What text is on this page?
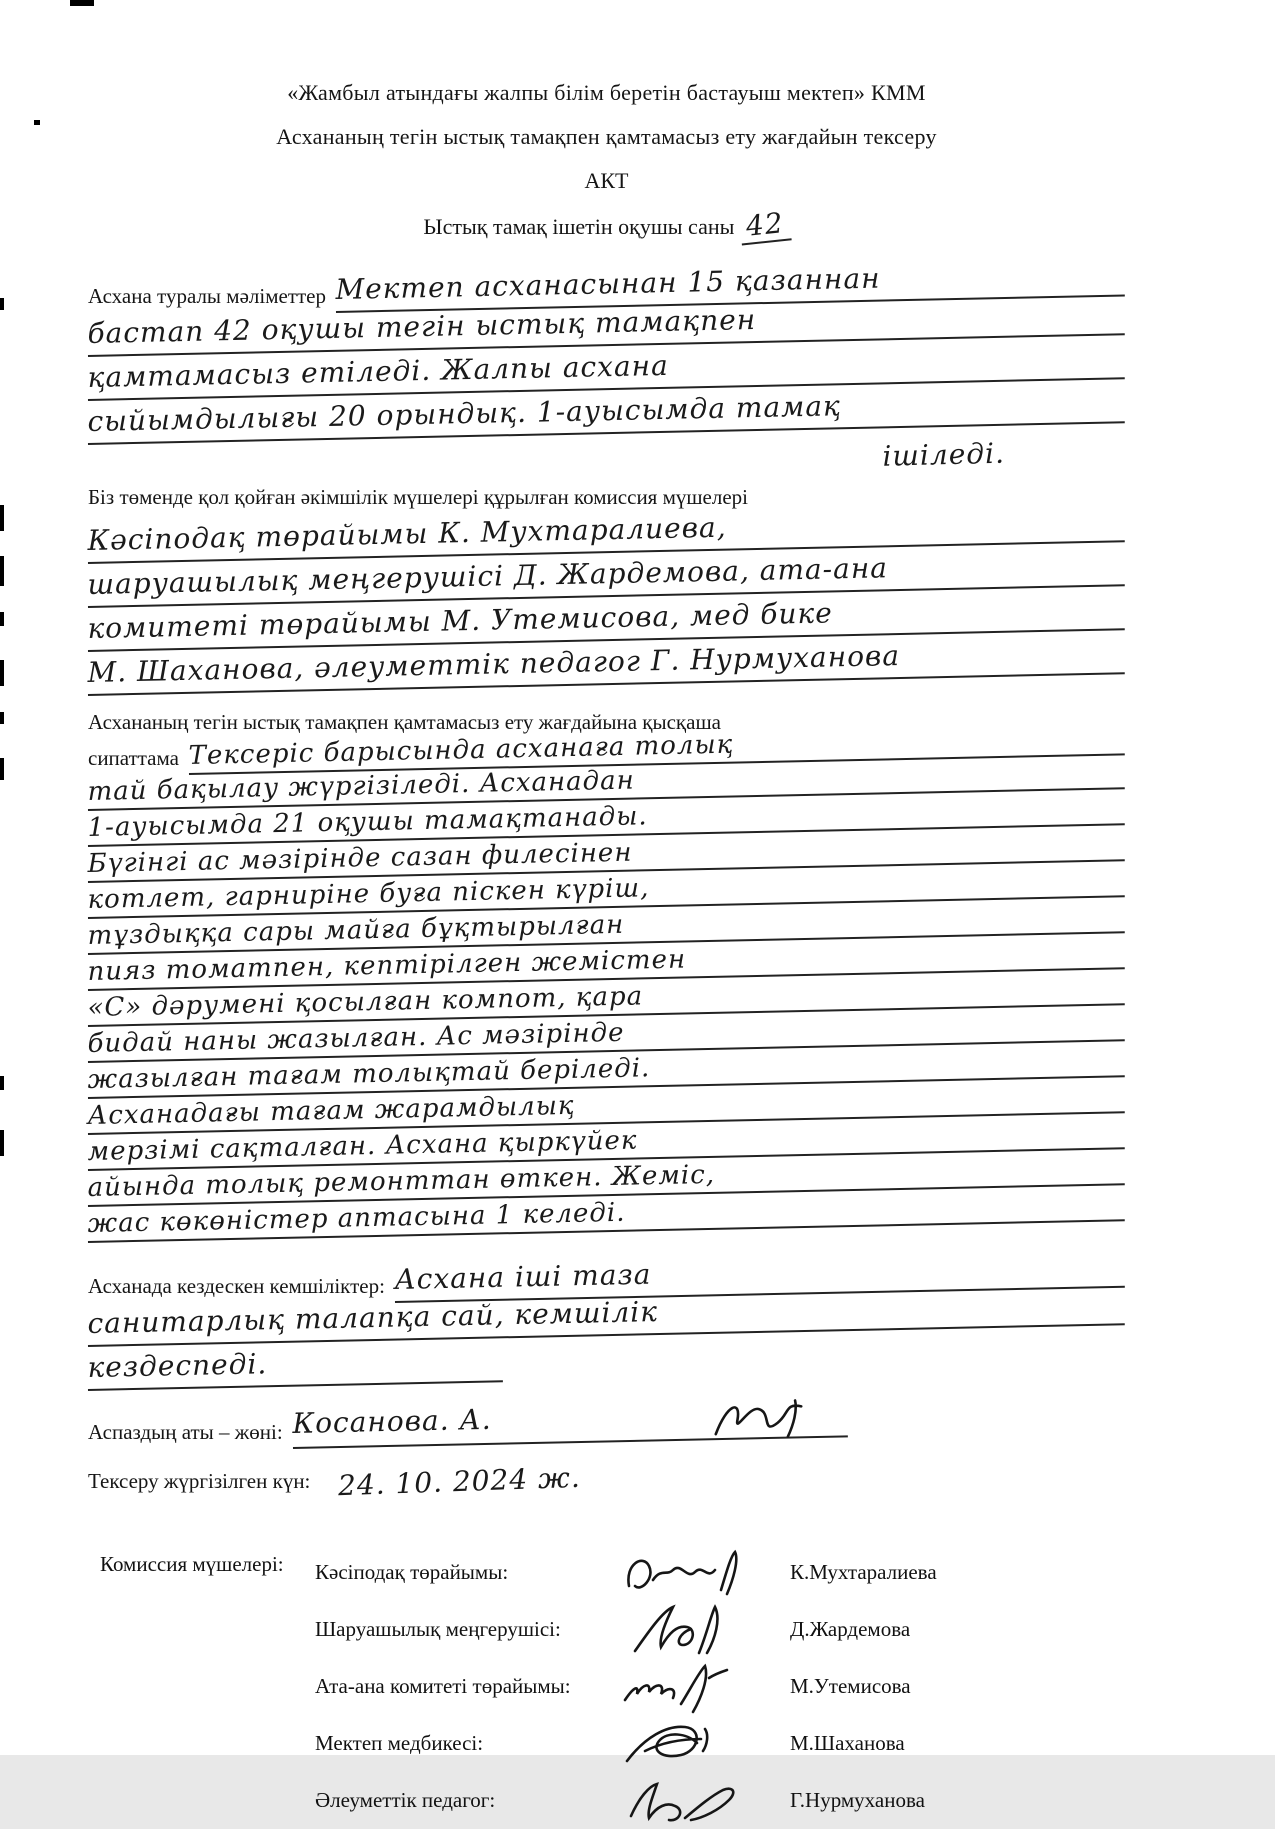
«Жамбыл атындағы жалпы білім беретін бастауыш мектеп» КММ
Асхананың тегін ыстық тамақпен қамтамасыз ету жағдайын тексеру
АКТ
Ыстық тамақ ішетін оқушы саны 42
Асхана туралы мәліметтер Мектеп асханасынан 15 қазаннан
бастап 42 оқушы тегін ыстық тамақпен
қамтамасыз етіледі. Жалпы асхана
сыйымдылығы 20 орындық. 1-ауысымда тамақ
ішіледі.
Біз төменде қол қойған әкімшілік мүшелері құрылған комиссия мүшелері
Кәсіподақ төрайымы К. Мухтаралиева,
шаруашылық меңгерушісі Д. Жардемова, ата-ана
комитеті төрайымы М. Утемисова, мед бике
М. Шаханова, әлеуметтік педагог Г. Нурмуханова
Асхананың тегін ыстық тамақпен қамтамасыз ету жағдайына қысқаша
сипаттама Тексеріс барысында асханаға толық
тай бақылау жүргізіледі. Асханадан
1-ауысымда 21 оқушы тамақтанады.
Бүгінгі ас мәзірінде сазан филесінен
котлет, гарниріне буға піскен күріш,
тұздыққа сары майға бұқтырылған
пияз томатпен, кептірілген жемістен
«С» дәрумені қосылған компот, қара
бидай наны жазылған. Ас мәзірінде
жазылған тағам толықтай беріледі.
Асханадағы тағам жарамдылық
мерзімі сақталған. Асхана қыркүйек
айында толық ремонттан өткен. Жеміс,
жас көкөністер аптасына 1 келеді.
Асханада кездескен кемшіліктер: Асхана іші таза
санитарлық талапқа сай, кемшілік
кездеспеді.
Аспаздың аты – жөні: Косанова. А.
Тексеру жүргізілген күн: 24. 10. 2024 ж.
Комиссия мүшелері:	Кәсіподақ төрайымы:	К.Мухтаралиева
Шаруашылық меңгерушісі:	Д.Жардемова
Ата-ана комитеті төрайымы:	М.Утемисова
Мектеп медбикесі:	М.Шаханова
Әлеуметтік педагог:	Г.Нурмуханова
